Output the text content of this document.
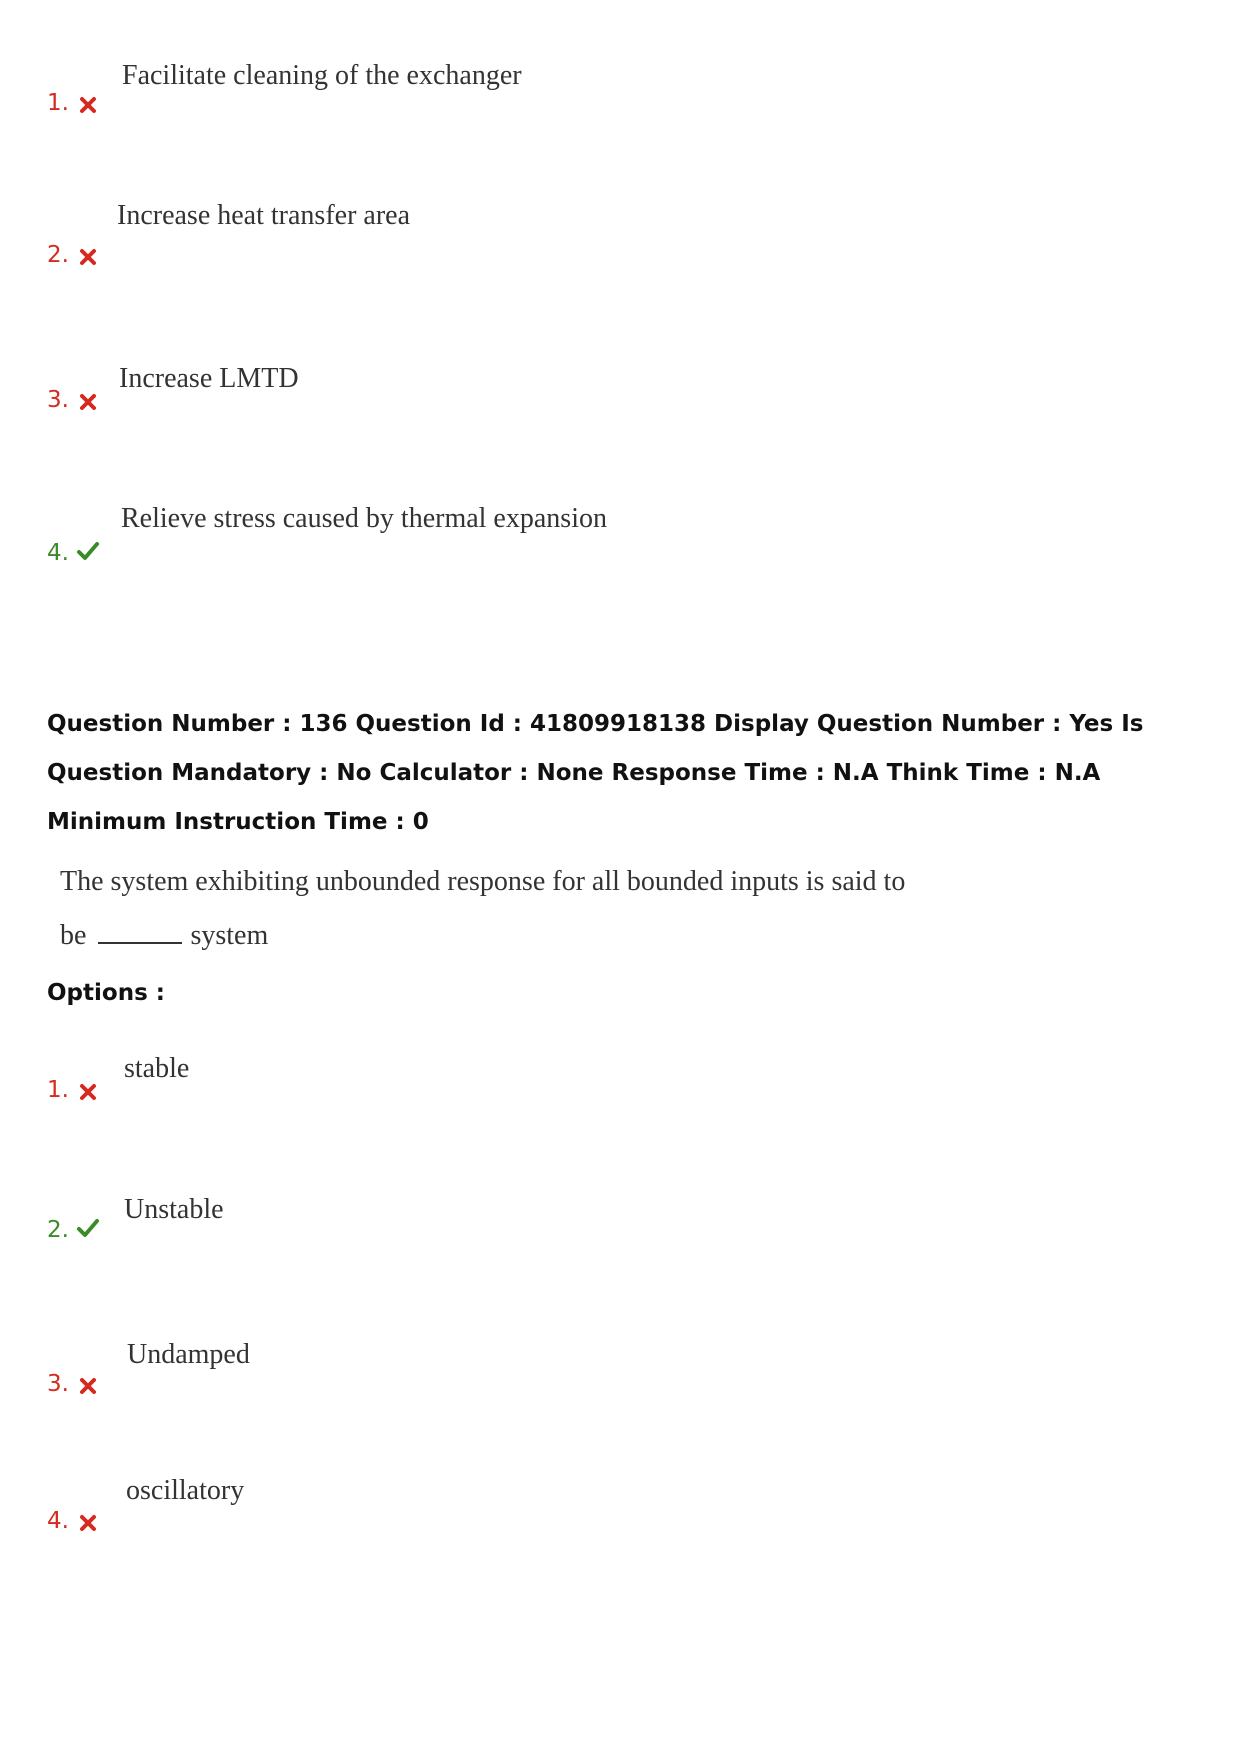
Facilitate cleaning of the exchanger
1.
Increase heat transfer area
2.
Increase LMTD
3.
Relieve stress caused by thermal expansion
4.
Question Number : 136 Question Id : 41809918138 Display Question Number : Yes Is Question Mandatory : No Calculator : None Response Time : N.A Think Time : N.A Minimum Instruction Time : 0
The system exhibiting unbounded response for all bounded inputs is said to
be	system
Options :
stable
1.
Unstable
2.
Undamped
3.
oscillatory
4.
